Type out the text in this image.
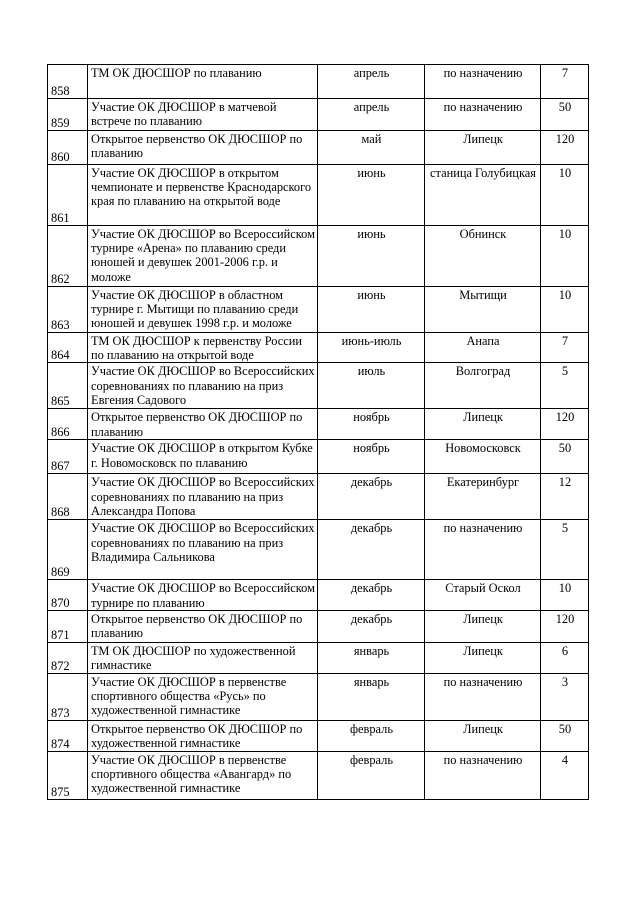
858	ТМ ОК ДЮСШОР по плаванию	апрель	по назначению	7
859	Участие ОК ДЮСШОР в матчевой встрече по плаванию	апрель	по назначению	50
860	Открытое первенство ОК ДЮСШОР по плаванию	май	Липецк	120
861	Участие ОК ДЮСШОР в открытом чемпионате и первенстве Краснодарского края по плаванию на открытой воде	июнь	станица Голубицкая	10
862	Участие ОК ДЮСШОР во Всероссийском турнире «Арена» по плаванию среди юношей и девушек 2001-2006 г.р. и моложе	июнь	Обнинск	10
863	Участие ОК ДЮСШОР в областном турнире г. Мытищи по плаванию среди юношей и девушек 1998 г.р. и моложе	июнь	Мытищи	10
864	ТМ ОК ДЮСШОР к первенству России по плаванию на открытой воде	июнь-июль	Анапа	7
865	Участие ОК ДЮСШОР во Всероссийских соревнованиях по плаванию на приз Евгения Садового	июль	Волгоград	5
866	Открытое первенство ОК ДЮСШОР по плаванию	ноябрь	Липецк	120
867	Участие ОК ДЮСШОР в открытом Кубке г. Новомосковск по плаванию	ноябрь	Новомосковск	50
868	Участие ОК ДЮСШОР во Всероссийских соревнованиях по плаванию на приз Александра Попова	декабрь	Екатеринбург	12
869	Участие ОК ДЮСШОР во Всероссийских соревнованиях по плаванию на приз Владимира Сальникова	декабрь	по назначению	5
870	Участие ОК ДЮСШОР во Всероссийском турнире по плаванию	декабрь	Старый Оскол	10
871	Открытое первенство ОК ДЮСШОР по плаванию	декабрь	Липецк	120
872	ТМ ОК ДЮСШОР по художественной гимнастике	январь	Липецк	6
873	Участие ОК ДЮСШОР в первенстве спортивного общества «Русь» по художественной гимнастике	январь	по назначению	3
874	Открытое первенство ОК ДЮСШОР по художественной гимнастике	февраль	Липецк	50
875	Участие ОК ДЮСШОР в первенстве спортивного общества «Авангард» по художественной гимнастике	февраль	по назначению	4
